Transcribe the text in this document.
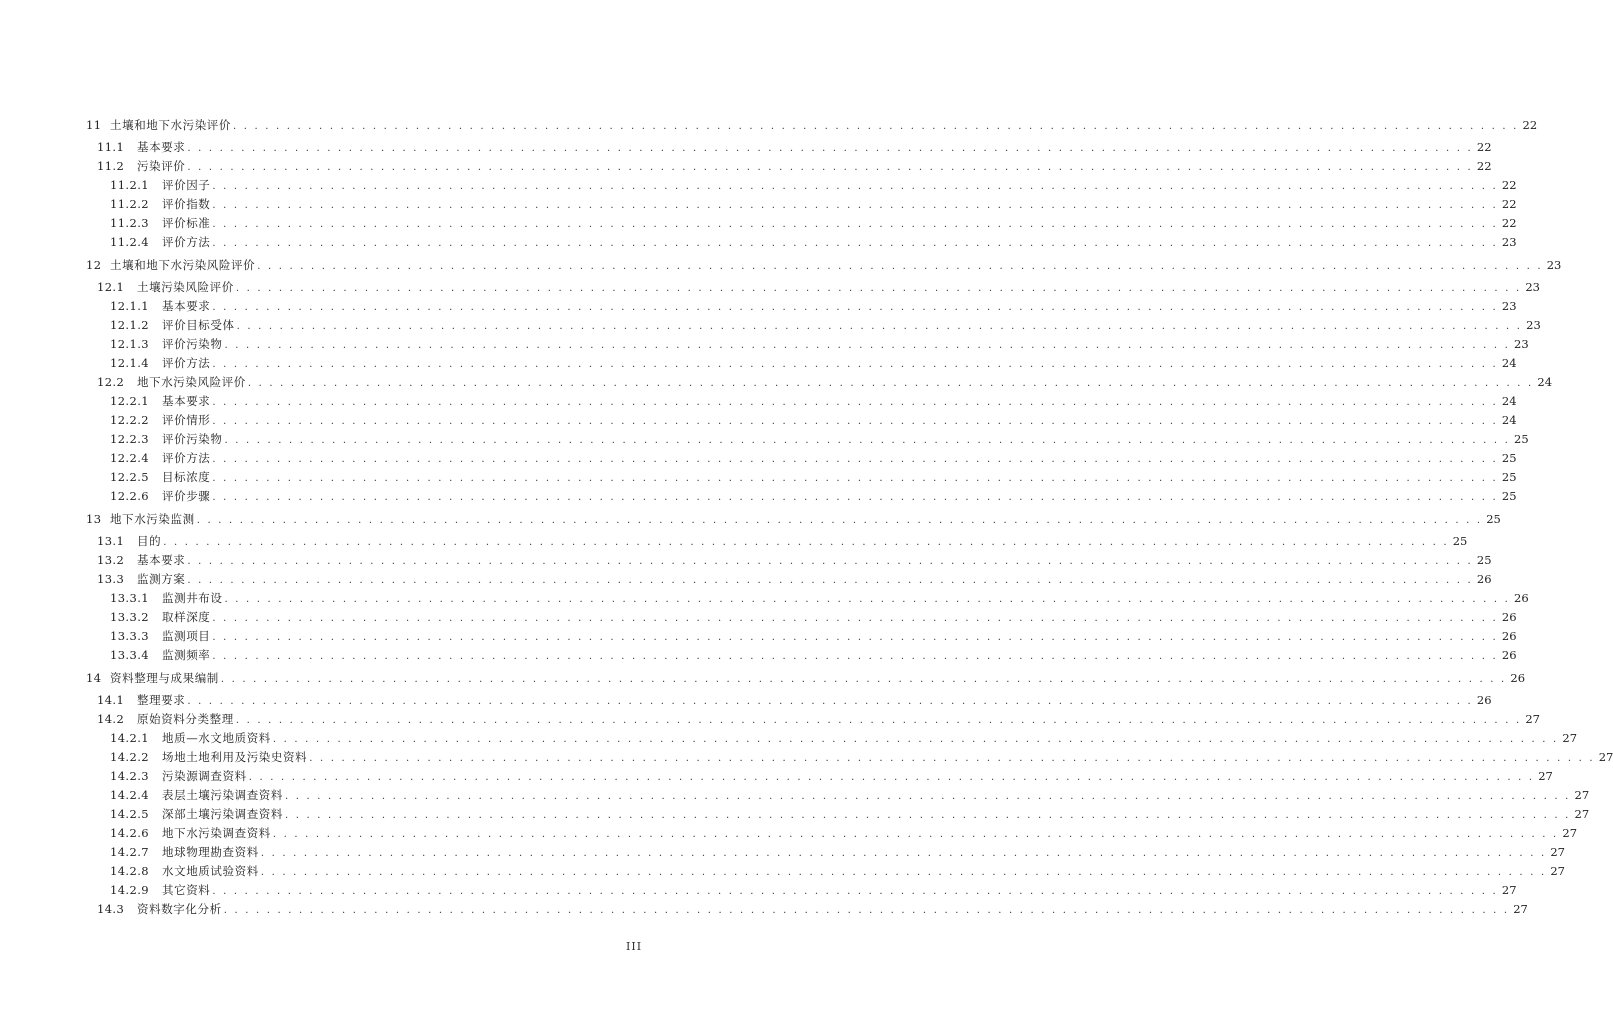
11 土壤和地下水污染评价 . . . . . . . . . . . . . . . . . . . . . . . . . . . . . . . . . . . . . . . . . . . . . . . . . . . . . . . . . . . . . . . . . . . . . . . . . . . . . . . . . . . . . . . . . . . . . . . . . . . . . . . . . . . . . . . . . . . . . . . . 22
11.1	基本要求 . . . . . . . . . . . . . . . . . . . . . . . . . . . . . . . . . . . . . . . . . . . . . . . . . . . . . . . . . . . . . . . . . . . . . . . . . . . . . . . . . . . . . . . . . . . . . . . . . . . . . . . . . . . . . . . . . . . . . . . . 22
11.2	污染评价 . . . . . . . . . . . . . . . . . . . . . . . . . . . . . . . . . . . . . . . . . . . . . . . . . . . . . . . . . . . . . . . . . . . . . . . . . . . . . . . . . . . . . . . . . . . . . . . . . . . . . . . . . . . . . . . . . . . . . . . . 22
11.2.1	评价因子 . . . . . . . . . . . . . . . . . . . . . . . . . . . . . . . . . . . . . . . . . . . . . . . . . . . . . . . . . . . . . . . . . . . . . . . . . . . . . . . . . . . . . . . . . . . . . . . . . . . . . . . . . . . . . . . . . . . . . . . . 22
11.2.2	评价指数 . . . . . . . . . . . . . . . . . . . . . . . . . . . . . . . . . . . . . . . . . . . . . . . . . . . . . . . . . . . . . . . . . . . . . . . . . . . . . . . . . . . . . . . . . . . . . . . . . . . . . . . . . . . . . . . . . . . . . . . . 22
11.2.3	评价标准 . . . . . . . . . . . . . . . . . . . . . . . . . . . . . . . . . . . . . . . . . . . . . . . . . . . . . . . . . . . . . . . . . . . . . . . . . . . . . . . . . . . . . . . . . . . . . . . . . . . . . . . . . . . . . . . . . . . . . . . . 22
11.2.4	评价方法 . . . . . . . . . . . . . . . . . . . . . . . . . . . . . . . . . . . . . . . . . . . . . . . . . . . . . . . . . . . . . . . . . . . . . . . . . . . . . . . . . . . . . . . . . . . . . . . . . . . . . . . . . . . . . . . . . . . . . . . . 23
12 土壤和地下水污染风险评价 . . . . . . . . . . . . . . . . . . . . . . . . . . . . . . . . . . . . . . . . . . . . . . . . . . . . . . . . . . . . . . . . . . . . . . . . . . . . . . . . . . . . . . . . . . . . . . . . . . . . . . . . . . . . . . . . . . . . . . . . 23
12.1	土壤污染风险评价 . . . . . . . . . . . . . . . . . . . . . . . . . . . . . . . . . . . . . . . . . . . . . . . . . . . . . . . . . . . . . . . . . . . . . . . . . . . . . . . . . . . . . . . . . . . . . . . . . . . . . . . . . . . . . . . . . . . . . . . . 23
12.1.1	基本要求 . . . . . . . . . . . . . . . . . . . . . . . . . . . . . . . . . . . . . . . . . . . . . . . . . . . . . . . . . . . . . . . . . . . . . . . . . . . . . . . . . . . . . . . . . . . . . . . . . . . . . . . . . . . . . . . . . . . . . . . . 23
12.1.2	评价目标受体 . . . . . . . . . . . . . . . . . . . . . . . . . . . . . . . . . . . . . . . . . . . . . . . . . . . . . . . . . . . . . . . . . . . . . . . . . . . . . . . . . . . . . . . . . . . . . . . . . . . . . . . . . . . . . . . . . . . . . . . . 23
12.1.3	评价污染物 . . . . . . . . . . . . . . . . . . . . . . . . . . . . . . . . . . . . . . . . . . . . . . . . . . . . . . . . . . . . . . . . . . . . . . . . . . . . . . . . . . . . . . . . . . . . . . . . . . . . . . . . . . . . . . . . . . . . . . . . 23
12.1.4	评价方法 . . . . . . . . . . . . . . . . . . . . . . . . . . . . . . . . . . . . . . . . . . . . . . . . . . . . . . . . . . . . . . . . . . . . . . . . . . . . . . . . . . . . . . . . . . . . . . . . . . . . . . . . . . . . . . . . . . . . . . . . 24
12.2	地下水污染风险评价 . . . . . . . . . . . . . . . . . . . . . . . . . . . . . . . . . . . . . . . . . . . . . . . . . . . . . . . . . . . . . . . . . . . . . . . . . . . . . . . . . . . . . . . . . . . . . . . . . . . . . . . . . . . . . . . . . . . . . . . . 24
12.2.1	基本要求 . . . . . . . . . . . . . . . . . . . . . . . . . . . . . . . . . . . . . . . . . . . . . . . . . . . . . . . . . . . . . . . . . . . . . . . . . . . . . . . . . . . . . . . . . . . . . . . . . . . . . . . . . . . . . . . . . . . . . . . . 24
12.2.2	评价情形 . . . . . . . . . . . . . . . . . . . . . . . . . . . . . . . . . . . . . . . . . . . . . . . . . . . . . . . . . . . . . . . . . . . . . . . . . . . . . . . . . . . . . . . . . . . . . . . . . . . . . . . . . . . . . . . . . . . . . . . . 24
12.2.3	评价污染物 . . . . . . . . . . . . . . . . . . . . . . . . . . . . . . . . . . . . . . . . . . . . . . . . . . . . . . . . . . . . . . . . . . . . . . . . . . . . . . . . . . . . . . . . . . . . . . . . . . . . . . . . . . . . . . . . . . . . . . . . 25
12.2.4	评价方法 . . . . . . . . . . . . . . . . . . . . . . . . . . . . . . . . . . . . . . . . . . . . . . . . . . . . . . . . . . . . . . . . . . . . . . . . . . . . . . . . . . . . . . . . . . . . . . . . . . . . . . . . . . . . . . . . . . . . . . . . 25
12.2.5	目标浓度 . . . . . . . . . . . . . . . . . . . . . . . . . . . . . . . . . . . . . . . . . . . . . . . . . . . . . . . . . . . . . . . . . . . . . . . . . . . . . . . . . . . . . . . . . . . . . . . . . . . . . . . . . . . . . . . . . . . . . . . . 25
12.2.6	评价步骤 . . . . . . . . . . . . . . . . . . . . . . . . . . . . . . . . . . . . . . . . . . . . . . . . . . . . . . . . . . . . . . . . . . . . . . . . . . . . . . . . . . . . . . . . . . . . . . . . . . . . . . . . . . . . . . . . . . . . . . . . 25
13 地下水污染监测 . . . . . . . . . . . . . . . . . . . . . . . . . . . . . . . . . . . . . . . . . . . . . . . . . . . . . . . . . . . . . . . . . . . . . . . . . . . . . . . . . . . . . . . . . . . . . . . . . . . . . . . . . . . . . . . . . . . . . . . . 25
13.1	目的 . . . . . . . . . . . . . . . . . . . . . . . . . . . . . . . . . . . . . . . . . . . . . . . . . . . . . . . . . . . . . . . . . . . . . . . . . . . . . . . . . . . . . . . . . . . . . . . . . . . . . . . . . . . . . . . . . . . . . . . . 25
13.2	基本要求 . . . . . . . . . . . . . . . . . . . . . . . . . . . . . . . . . . . . . . . . . . . . . . . . . . . . . . . . . . . . . . . . . . . . . . . . . . . . . . . . . . . . . . . . . . . . . . . . . . . . . . . . . . . . . . . . . . . . . . . . 25
13.3	监测方案 . . . . . . . . . . . . . . . . . . . . . . . . . . . . . . . . . . . . . . . . . . . . . . . . . . . . . . . . . . . . . . . . . . . . . . . . . . . . . . . . . . . . . . . . . . . . . . . . . . . . . . . . . . . . . . . . . . . . . . . . 26
13.3.1	监测井布设 . . . . . . . . . . . . . . . . . . . . . . . . . . . . . . . . . . . . . . . . . . . . . . . . . . . . . . . . . . . . . . . . . . . . . . . . . . . . . . . . . . . . . . . . . . . . . . . . . . . . . . . . . . . . . . . . . . . . . . . . 26
13.3.2	取样深度 . . . . . . . . . . . . . . . . . . . . . . . . . . . . . . . . . . . . . . . . . . . . . . . . . . . . . . . . . . . . . . . . . . . . . . . . . . . . . . . . . . . . . . . . . . . . . . . . . . . . . . . . . . . . . . . . . . . . . . . . 26
13.3.3	监测项目 . . . . . . . . . . . . . . . . . . . . . . . . . . . . . . . . . . . . . . . . . . . . . . . . . . . . . . . . . . . . . . . . . . . . . . . . . . . . . . . . . . . . . . . . . . . . . . . . . . . . . . . . . . . . . . . . . . . . . . . . 26
13.3.4	监测频率 . . . . . . . . . . . . . . . . . . . . . . . . . . . . . . . . . . . . . . . . . . . . . . . . . . . . . . . . . . . . . . . . . . . . . . . . . . . . . . . . . . . . . . . . . . . . . . . . . . . . . . . . . . . . . . . . . . . . . . . . 26
14 资料整理与成果编制 . . . . . . . . . . . . . . . . . . . . . . . . . . . . . . . . . . . . . . . . . . . . . . . . . . . . . . . . . . . . . . . . . . . . . . . . . . . . . . . . . . . . . . . . . . . . . . . . . . . . . . . . . . . . . . . . . . . . . . . . 26
14.1	整理要求 . . . . . . . . . . . . . . . . . . . . . . . . . . . . . . . . . . . . . . . . . . . . . . . . . . . . . . . . . . . . . . . . . . . . . . . . . . . . . . . . . . . . . . . . . . . . . . . . . . . . . . . . . . . . . . . . . . . . . . . . 26
14.2	原始资料分类整理 . . . . . . . . . . . . . . . . . . . . . . . . . . . . . . . . . . . . . . . . . . . . . . . . . . . . . . . . . . . . . . . . . . . . . . . . . . . . . . . . . . . . . . . . . . . . . . . . . . . . . . . . . . . . . . . . . . . . . . . . 27
14.2.1	地质—水文地质资料 . . . . . . . . . . . . . . . . . . . . . . . . . . . . . . . . . . . . . . . . . . . . . . . . . . . . . . . . . . . . . . . . . . . . . . . . . . . . . . . . . . . . . . . . . . . . . . . . . . . . . . . . . . . . . . . . . . . . . . . . 27
14.2.2	场地土地利用及污染史资料 . . . . . . . . . . . . . . . . . . . . . . . . . . . . . . . . . . . . . . . . . . . . . . . . . . . . . . . . . . . . . . . . . . . . . . . . . . . . . . . . . . . . . . . . . . . . . . . . . . . . . . . . . . . . . . . . . . . . . . . . 27
14.2.3	污染源调查资料 . . . . . . . . . . . . . . . . . . . . . . . . . . . . . . . . . . . . . . . . . . . . . . . . . . . . . . . . . . . . . . . . . . . . . . . . . . . . . . . . . . . . . . . . . . . . . . . . . . . . . . . . . . . . . . . . . . . . . . . . 27
14.2.4	表层土壤污染调查资料 . . . . . . . . . . . . . . . . . . . . . . . . . . . . . . . . . . . . . . . . . . . . . . . . . . . . . . . . . . . . . . . . . . . . . . . . . . . . . . . . . . . . . . . . . . . . . . . . . . . . . . . . . . . . . . . . . . . . . . . . 27
14.2.5	深部土壤污染调查资料 . . . . . . . . . . . . . . . . . . . . . . . . . . . . . . . . . . . . . . . . . . . . . . . . . . . . . . . . . . . . . . . . . . . . . . . . . . . . . . . . . . . . . . . . . . . . . . . . . . . . . . . . . . . . . . . . . . . . . . . . 27
14.2.6	地下水污染调查资料 . . . . . . . . . . . . . . . . . . . . . . . . . . . . . . . . . . . . . . . . . . . . . . . . . . . . . . . . . . . . . . . . . . . . . . . . . . . . . . . . . . . . . . . . . . . . . . . . . . . . . . . . . . . . . . . . . . . . . . . . 27
14.2.7	地球物理勘查资料 . . . . . . . . . . . . . . . . . . . . . . . . . . . . . . . . . . . . . . . . . . . . . . . . . . . . . . . . . . . . . . . . . . . . . . . . . . . . . . . . . . . . . . . . . . . . . . . . . . . . . . . . . . . . . . . . . . . . . . . . 27
14.2.8	水文地质试验资料 . . . . . . . . . . . . . . . . . . . . . . . . . . . . . . . . . . . . . . . . . . . . . . . . . . . . . . . . . . . . . . . . . . . . . . . . . . . . . . . . . . . . . . . . . . . . . . . . . . . . . . . . . . . . . . . . . . . . . . . . 27
14.2.9	其它资料 . . . . . . . . . . . . . . . . . . . . . . . . . . . . . . . . . . . . . . . . . . . . . . . . . . . . . . . . . . . . . . . . . . . . . . . . . . . . . . . . . . . . . . . . . . . . . . . . . . . . . . . . . . . . . . . . . . . . . . . . 27
14.3	资料数字化分析 . . . . . . . . . . . . . . . . . . . . . . . . . . . . . . . . . . . . . . . . . . . . . . . . . . . . . . . . . . . . . . . . . . . . . . . . . . . . . . . . . . . . . . . . . . . . . . . . . . . . . . . . . . . . . . . . . . . . . . . . 27
III
